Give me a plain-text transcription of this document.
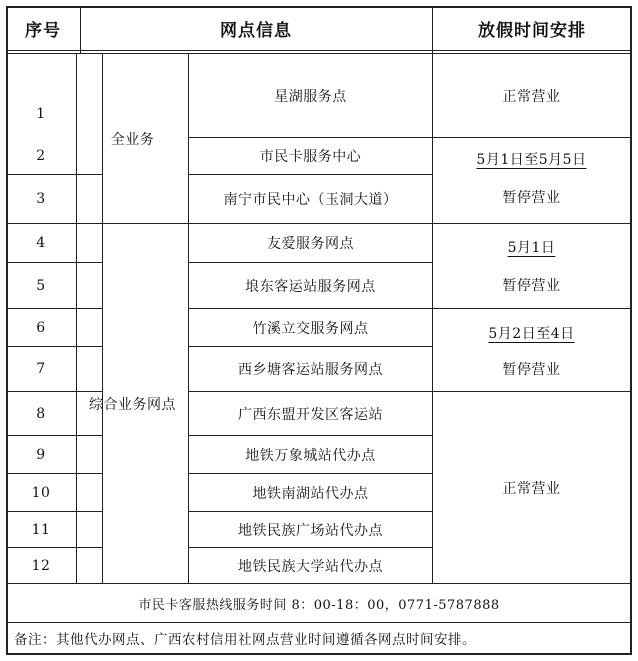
序号	网点信息	放假时间安排
1
2
3
4
5
6
7
8
9
10
11
12
全业务
综合业务网点
星湖服务点
市民卡服务中心
南宁市民中心（玉洞大道）
友爱服务网点
埌东客运站服务网点
竹溪立交服务网点
西乡塘客运站服务网点
广西东盟开发区客运站
地铁万象城站代办点
地铁南湖站代办点
地铁民族广场站代办点
地铁民族大学站代办点
正常营业
5月1日至5月5日
暂停营业
5月1日
暂停营业
5月2日至4日
暂停营业
正常营业
市民卡客服热线服务时间 8：00-18：00，0771-5787888
备注：其他代办网点、广西农村信用社网点营业时间遵循各网点时间安排。
